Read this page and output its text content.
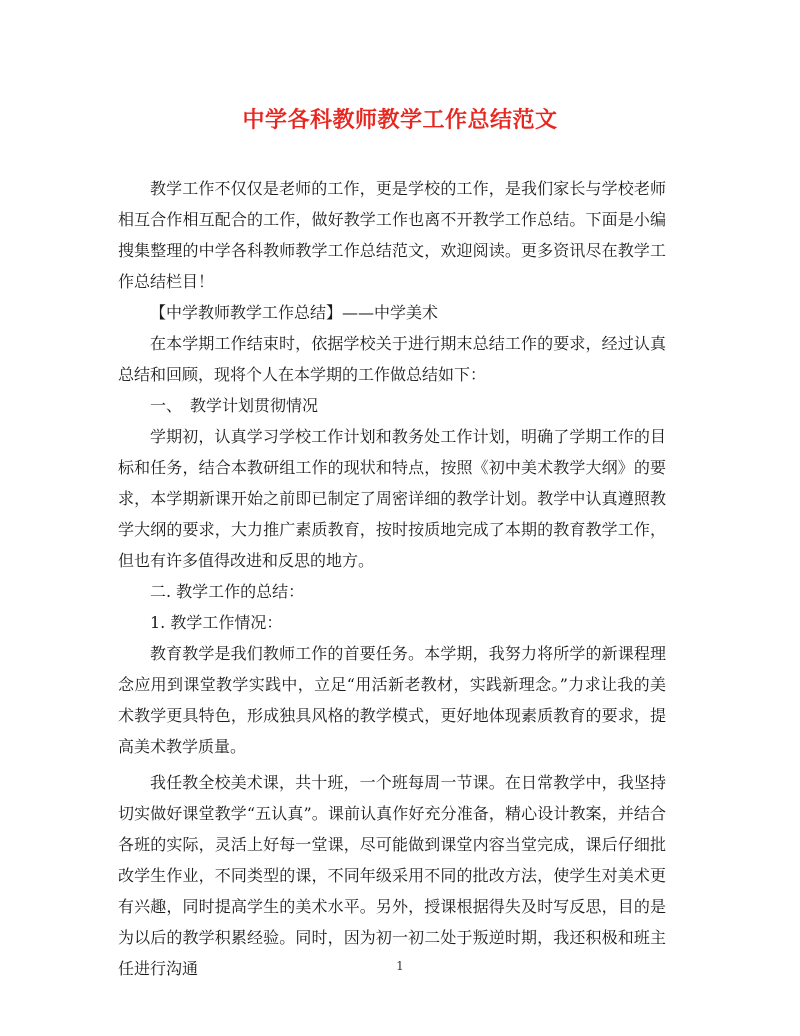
中学各科教师教学工作总结范文

教学工作不仅仅是老师的工作，更是学校的工作，是我们家长与学校老师相互合作相互配合的工作，做好教学工作也离不开教学工作总结。下面是小编搜集整理的中学各科教师教学工作总结范文，欢迎阅读。更多资讯尽在教学工作总结栏目！

【中学教师教学工作总结】——中学美术

在本学期工作结束时，依据学校关于进行期末总结工作的要求，经过认真总结和回顾，现将个人在本学期的工作做总结如下：

一、　教学计划贯彻情况

学期初，认真学习学校工作计划和教务处工作计划，明确了学期工作的目标和任务，结合本教研组工作的现状和特点，按照《初中美术教学大纲》的要求，本学期新课开始之前即已制定了周密详细的教学计划。教学中认真遵照教学大纲的要求，大力推广素质教育，按时按质地完成了本期的教育教学工作，但也有许多值得改进和反思的地方。

二. 教学工作的总结：

1. 教学工作情况：

教育教学是我们教师工作的首要任务。本学期，我努力将所学的新课程理念应用到课堂教学实践中，立足“用活新老教材，实践新理念。”力求让我的美术教学更具特色，形成独具风格的教学模式，更好地体现素质教育的要求，提高美术教学质量。

我任教全校美术课，共十班，一个班每周一节课。在日常教学中，我坚持切实做好课堂教学“五认真”。课前认真作好充分准备，精心设计教案，并结合各班的实际，灵活上好每一堂课，尽可能做到课堂内容当堂完成，课后仔细批改学生作业，不同类型的课，不同年级采用不同的批改方法，使学生对美术更有兴趣，同时提高学生的美术水平。另外，授课根据得失及时写反思，目的是为以后的教学积累经验。同时，因为初一初二处于叛逆时期，我还积极和班主任进行沟通	1
